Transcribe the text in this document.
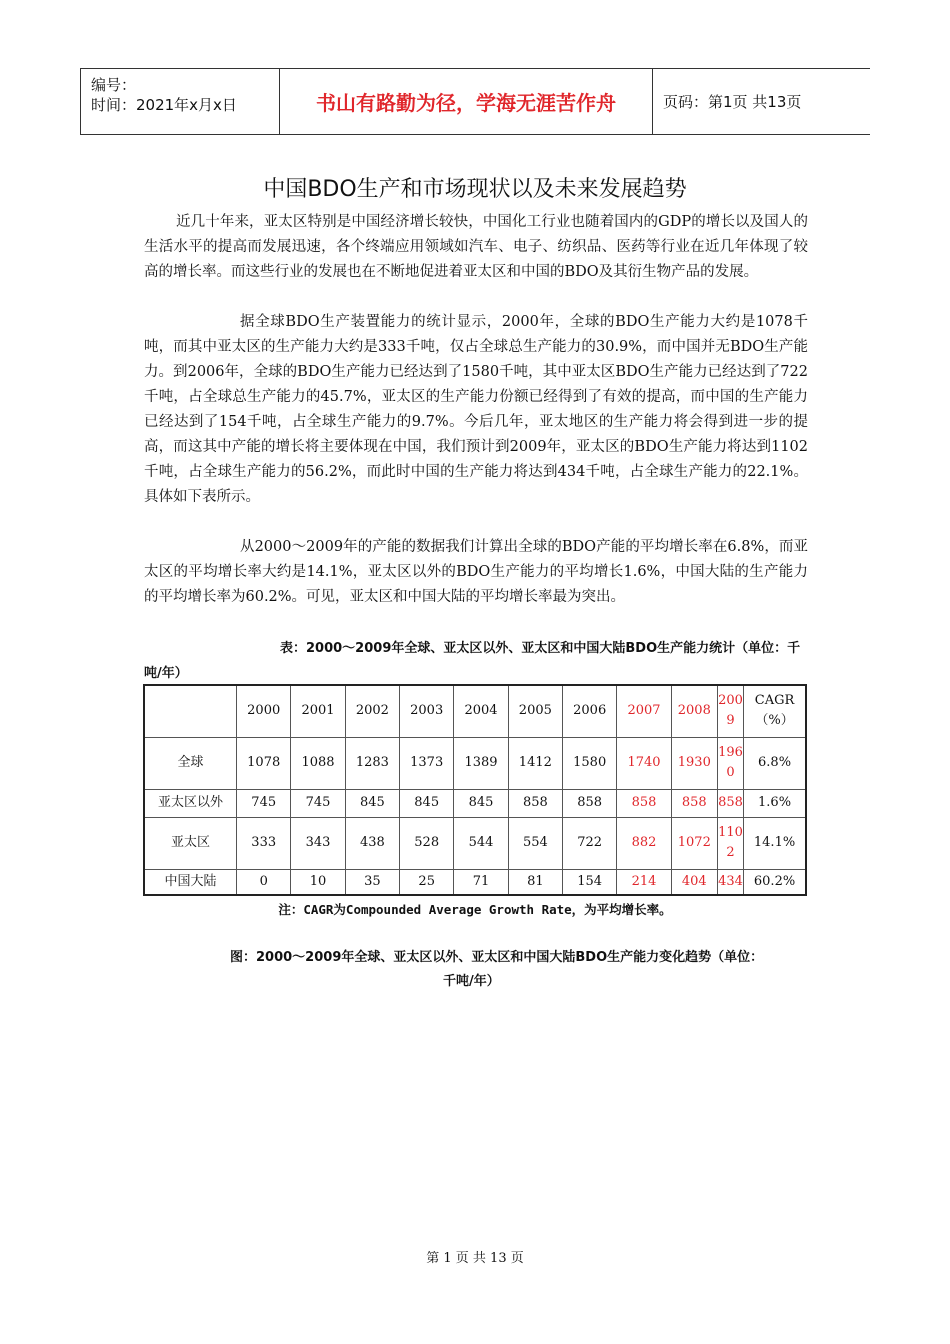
编号：
时间：2021年x月x日	书山有路勤为径，学海无涯苦作舟	页码：第1页 共13页
中国BDO生产和市场现状以及未来发展趋势

近几十年来，亚太区特别是中国经济增长较快，中国化工行业也随着国内的GDP的增长以及国人的生活水平的提高而发展迅速，各个终端应用领域如汽车、电子、纺织品、医药等行业在近几年体现了较高的增长率。而这些行业的发展也在不断地促进着亚太区和中国的BDO及其衍生物产品的发展。

据全球BDO生产装置能力的统计显示，2000年，全球的BDO生产能力大约是1078千吨，而其中亚太区的生产能力大约是333千吨，仅占全球总生产能力的30.9%，而中国并无BDO生产能力。到2006年，全球的BDO生产能力已经达到了1580千吨，其中亚太区BDO生产能力已经达到了722千吨，占全球总生产能力的45.7%，亚太区的生产能力份额已经得到了有效的提高，而中国的生产能力已经达到了154千吨，占全球生产能力的9.7%。今后几年，亚太地区的生产能力将会得到进一步的提高，而这其中产能的增长将主要体现在中国，我们预计到2009年，亚太区的BDO生产能力将达到1102千吨，占全球生产能力的56.2%，而此时中国的生产能力将达到434千吨，占全球生产能力的22.1%。具体如下表所示。

从2000～2009年的产能的数据我们计算出全球的BDO产能的平均增长率在6.8%，而亚太区的平均增长率大约是14.1%，亚太区以外的BDO生产能力的平均增长1.6%，中国大陆的生产能力的平均增长率为60.2%。可见，亚太区和中国大陆的平均增长率最为突出。

表：2000～2009年全球、亚太区以外、亚太区和中国大陆BDO生产能力统计（单位：千吨/年）
	2000	2001	2002	2003	2004	2005	2006	2007	2008	2009	CAGR（%）
全球	1078	1088	1283	1373	1389	1412	1580	1740	1930	1960	6.8%
亚太区以外	745	745	845	845	845	858	858	858	858	858	1.6%
亚太区	333	343	438	528	544	554	722	882	1072	1102	14.1%
中国大陆	0	10	35	25	71	81	154	214	404	434	60.2%
注：CAGR为Compounded Average Growth Rate，为平均增长率。
图：2000～2009年全球、亚太区以外、亚太区和中国大陆BDO生产能力变化趋势（单位：
千吨/年）
第 1 页 共 13 页
